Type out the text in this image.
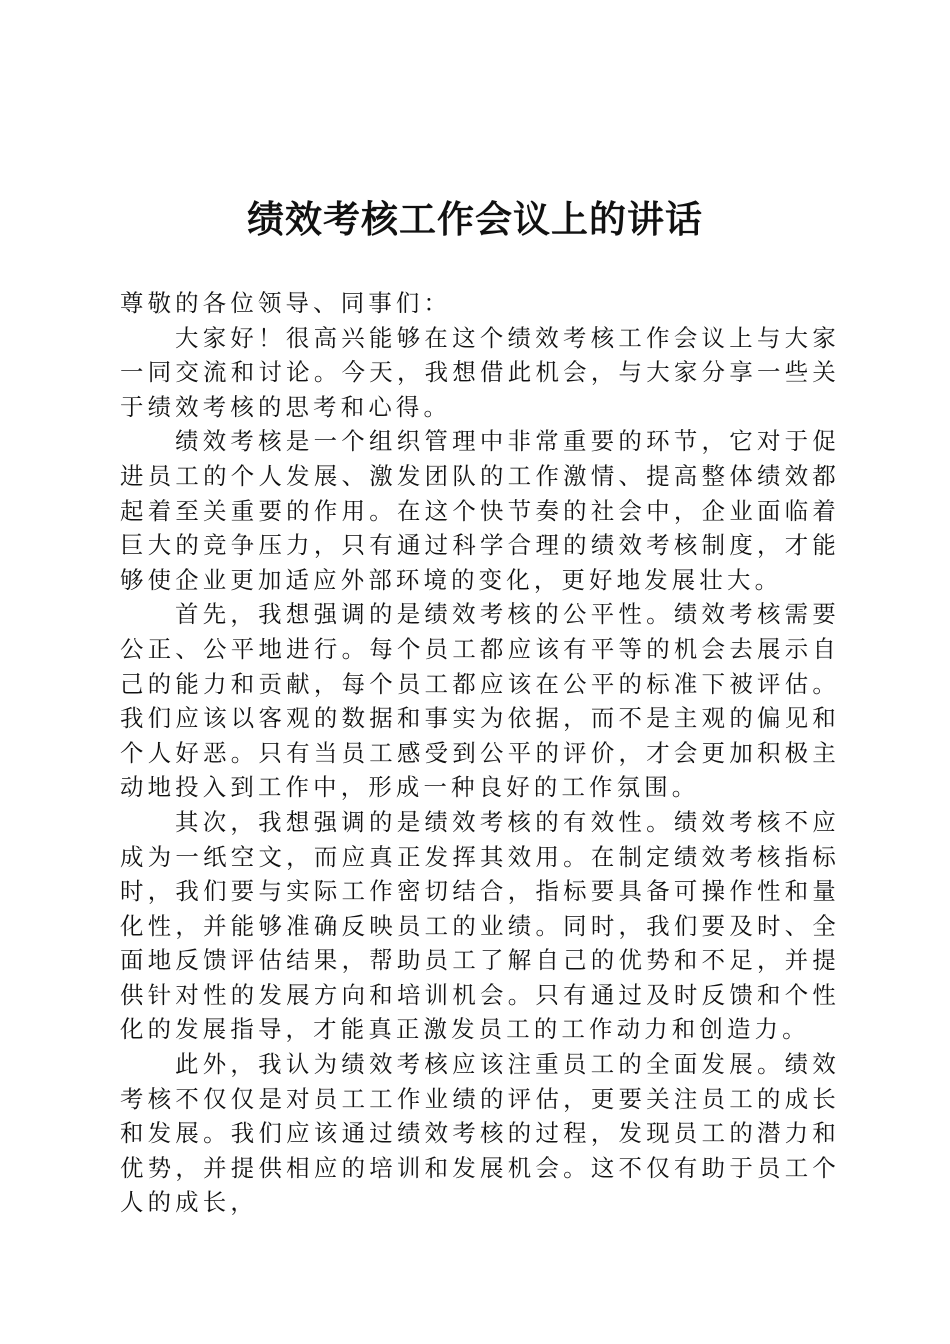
绩效考核工作会议上的讲话

尊敬的各位领导、同事们：

大家好！很高兴能够在这个绩效考核工作会议上与大家一同交流和讨论。今天，我想借此机会，与大家分享一些关于绩效考核的思考和心得。

绩效考核是一个组织管理中非常重要的环节，它对于促进员工的个人发展、激发团队的工作激情、提高整体绩效都起着至关重要的作用。在这个快节奏的社会中，企业面临着巨大的竞争压力，只有通过科学合理的绩效考核制度，才能够使企业更加适应外部环境的变化，更好地发展壮大。

首先，我想强调的是绩效考核的公平性。绩效考核需要公正、公平地进行。每个员工都应该有平等的机会去展示自己的能力和贡献，每个员工都应该在公平的标准下被评估。我们应该以客观的数据和事实为依据，而不是主观的偏见和个人好恶。只有当员工感受到公平的评价，才会更加积极主动地投入到工作中，形成一种良好的工作氛围。

其次，我想强调的是绩效考核的有效性。绩效考核不应成为一纸空文，而应真正发挥其效用。在制定绩效考核指标时，我们要与实际工作密切结合，指标要具备可操作性和量化性，并能够准确反映员工的业绩。同时，我们要及时、全面地反馈评估结果，帮助员工了解自己的优势和不足，并提供针对性的发展方向和培训机会。只有通过及时反馈和个性化的发展指导，才能真正激发员工的工作动力和创造力。

此外，我认为绩效考核应该注重员工的全面发展。绩效考核不仅仅是对员工工作业绩的评估，更要关注员工的成长和发展。我们应该通过绩效考核的过程，发现员工的潜力和优势，并提供相应的培训和发展机会。这不仅有助于员工个人的成长，
